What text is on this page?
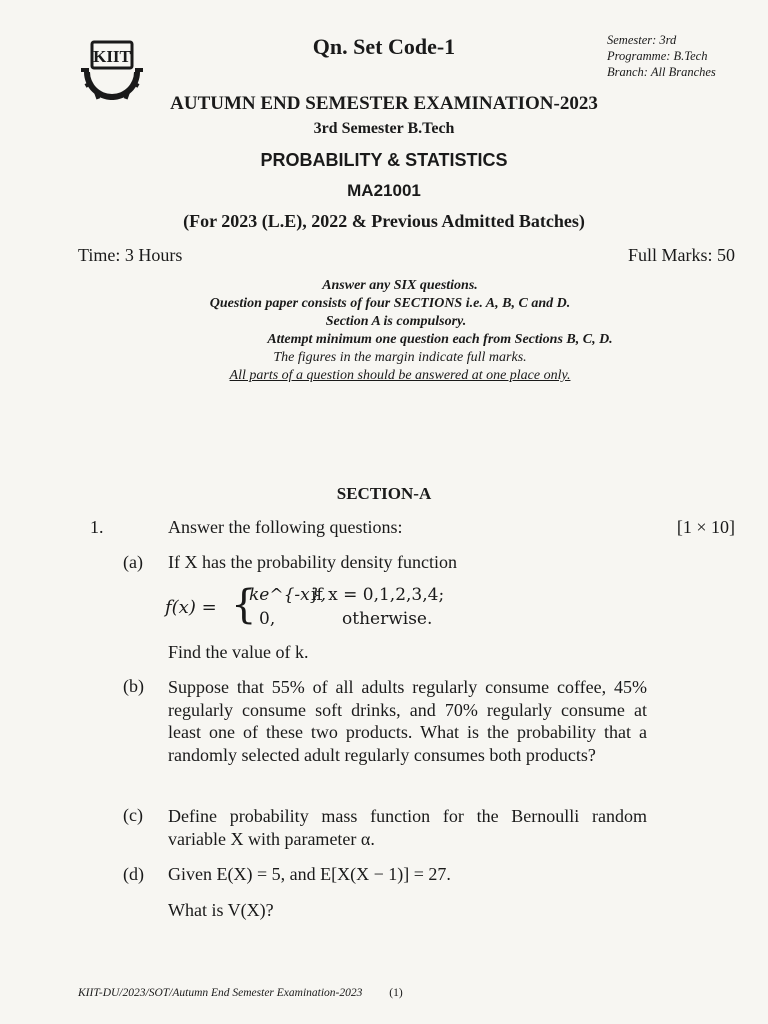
KIIT	Qn. Set Code-1	Semester: 3rd
Programme: B.Tech
Branch: All Branches
AUTUMN END SEMESTER EXAMINATION-2023
3rd Semester B.Tech
PROBABILITY & STATISTICS
MA21001
(For 2023 (L.E), 2022 & Previous Admitted Batches)
Time: 3 Hours	Full Marks: 50
Answer any SIX questions.
Question paper consists of four SECTIONS i.e. A, B, C and D.
Section A is compulsory.
Attempt minimum one question each from Sections B, C, D.
The figures in the margin indicate full marks.
All parts of a question should be answered at one place only.
SECTION-A
1.	Answer the following questions:	[1 × 10]
(a) If X has the probability density function
f(x) = {
ke^{-x},
if x = 0,1,2,3,4;
0,	otherwise.
Find the value of k.
(b) Suppose that 55% of all adults regularly consume coffee, 45% regularly consume soft drinks, and 70% regularly consume at least one of these two products. What is the probability that a randomly selected adult regularly consumes both products?
(c) Define probability mass function for the Bernoulli random variable X with parameter α.
(d) Given E(X) = 5, and E[X(X − 1)] = 27.
What is V(X)?
KIIT-DU/2023/SOT/Autumn End Semester Examination-2023 (1)
